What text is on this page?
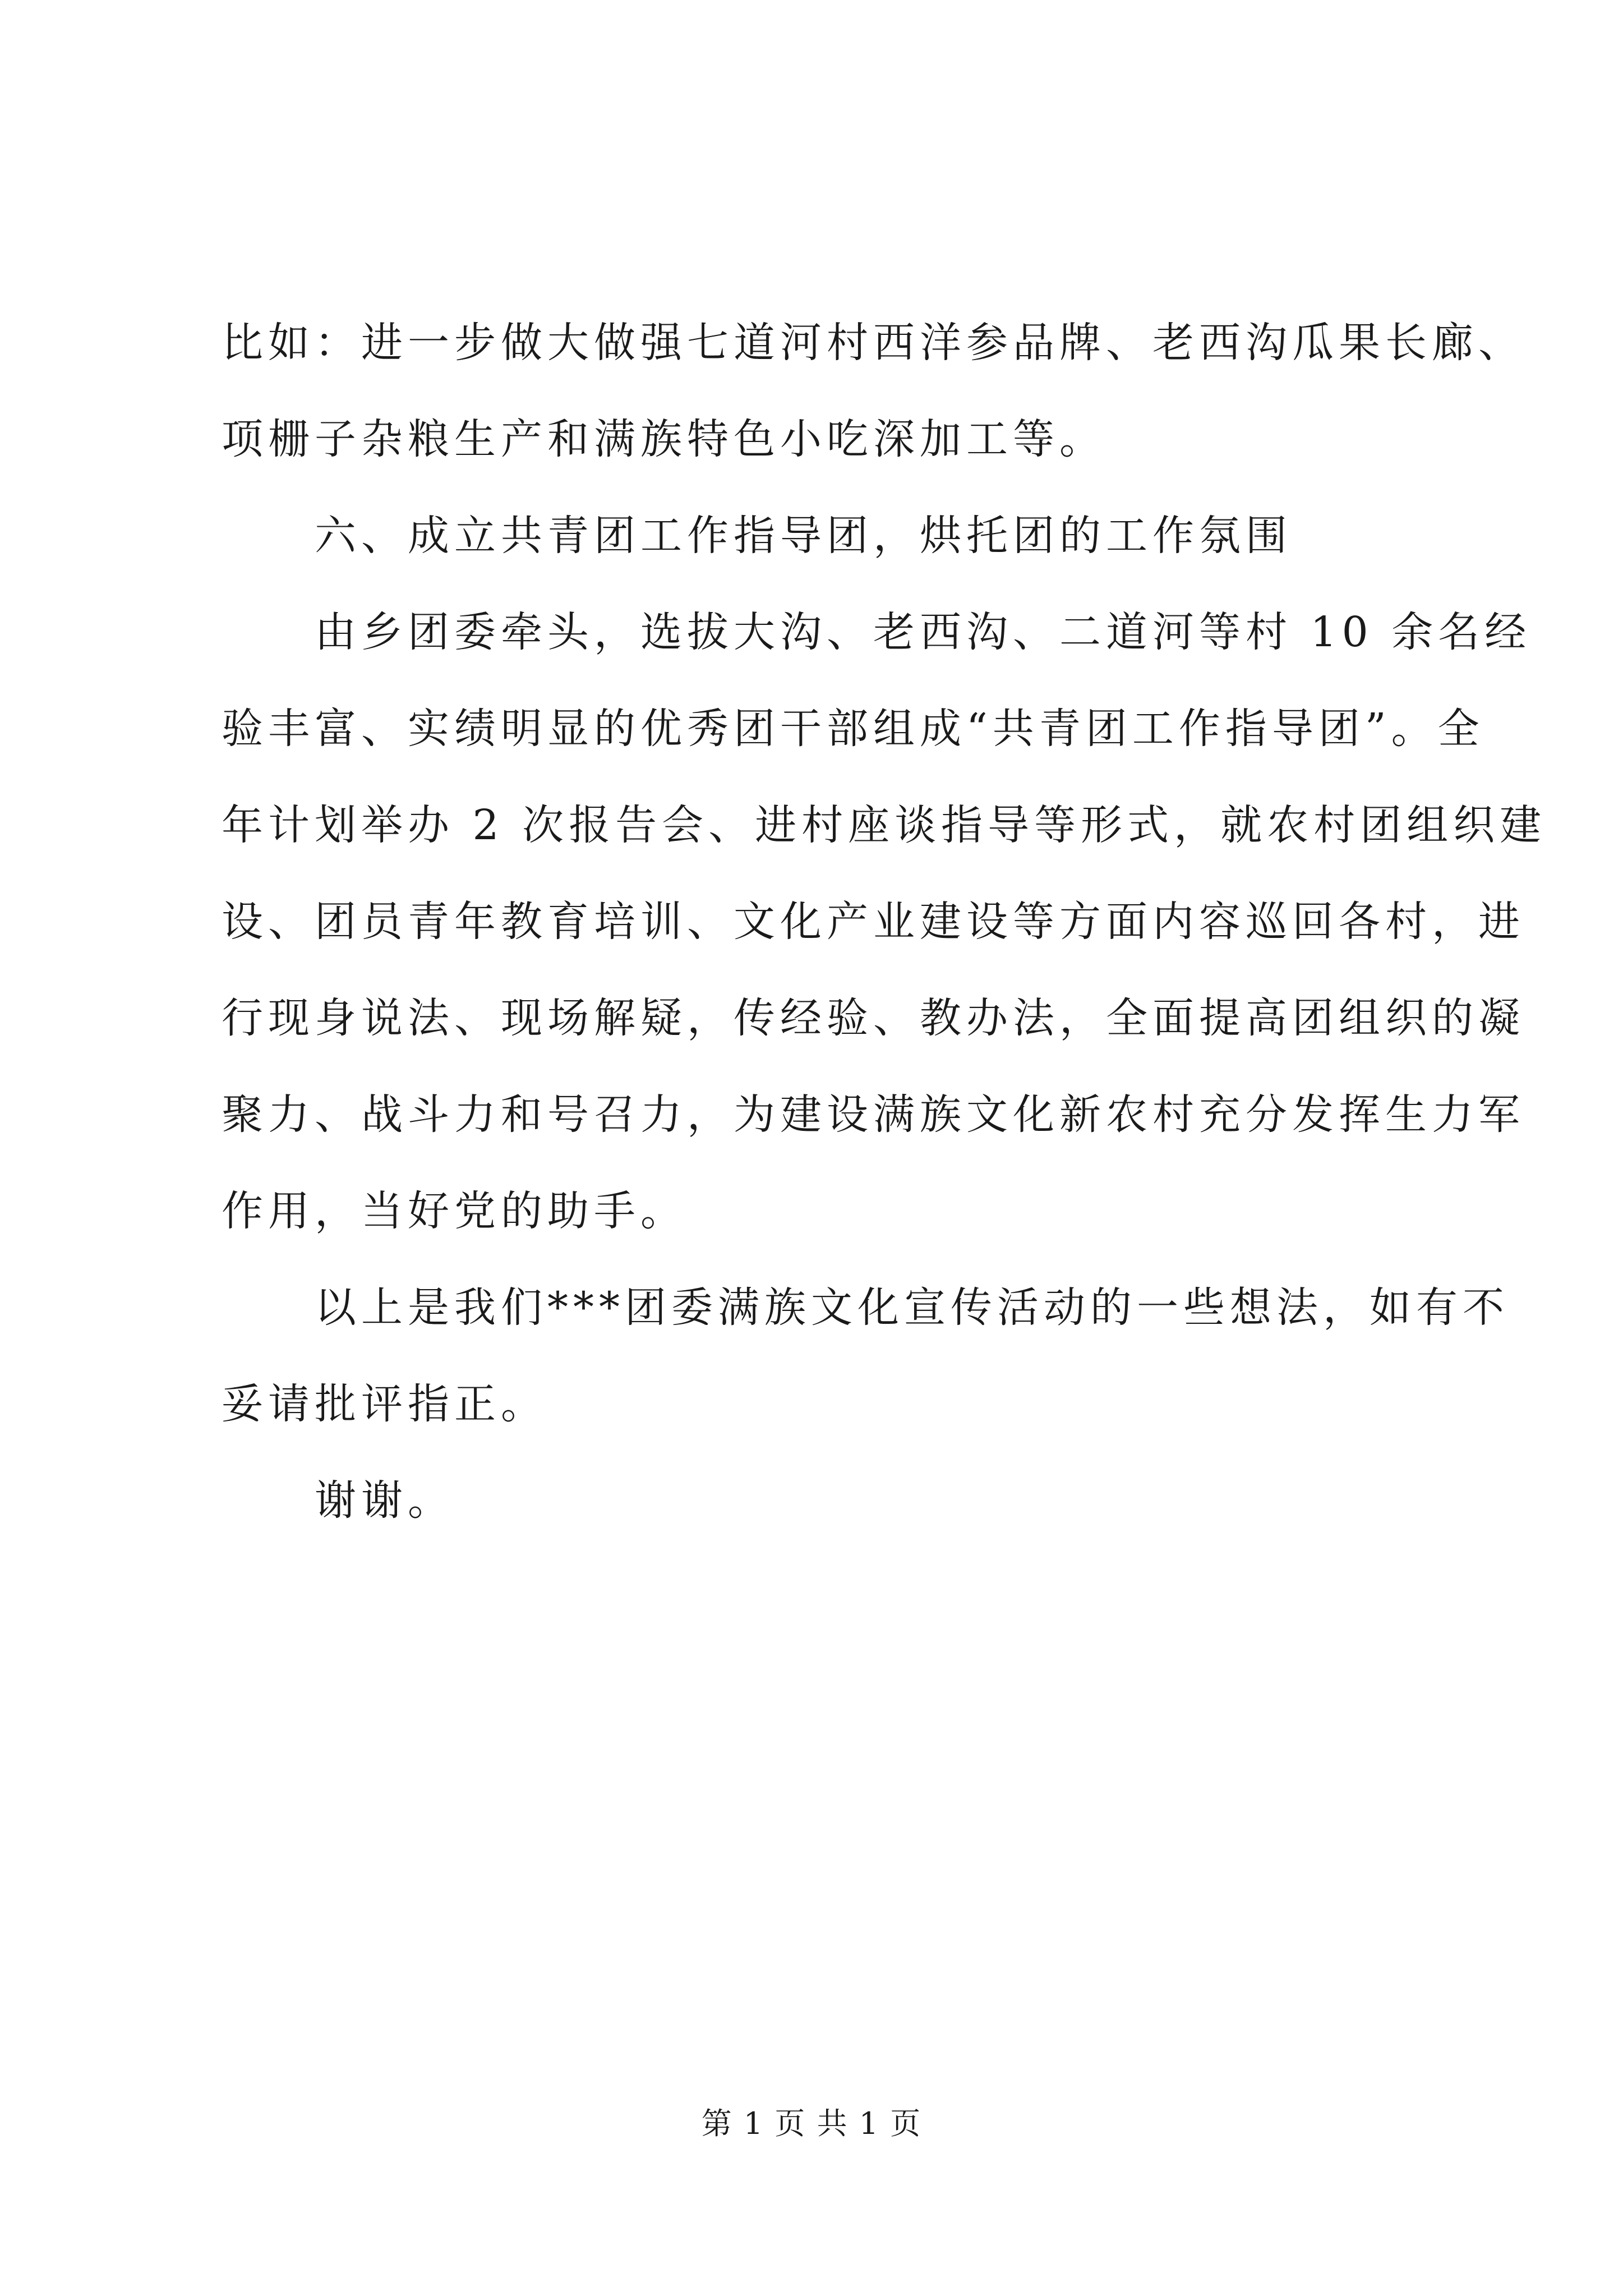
比如：进一步做大做强七道河村西洋参品牌、老西沟瓜果长廊、
项栅子杂粮生产和满族特色小吃深加工等。

六、成立共青团工作指导团，烘托团的工作氛围

由乡团委牵头，选拔大沟、老西沟、二道河等村 10 余名经
验丰富、实绩明显的优秀团干部组成“共青团工作指导团”。全
年计划举办 2 次报告会、进村座谈指导等形式，就农村团组织建
设、团员青年教育培训、文化产业建设等方面内容巡回各村，进
行现身说法、现场解疑，传经验、教办法，全面提高团组织的凝
聚力、战斗力和号召力，为建设满族文化新农村充分发挥生力军
作用，当好党的助手。

以上是我们***团委满族文化宣传活动的一些想法，如有不
妥请批评指正。

谢谢。

第 1 页 共 1 页
